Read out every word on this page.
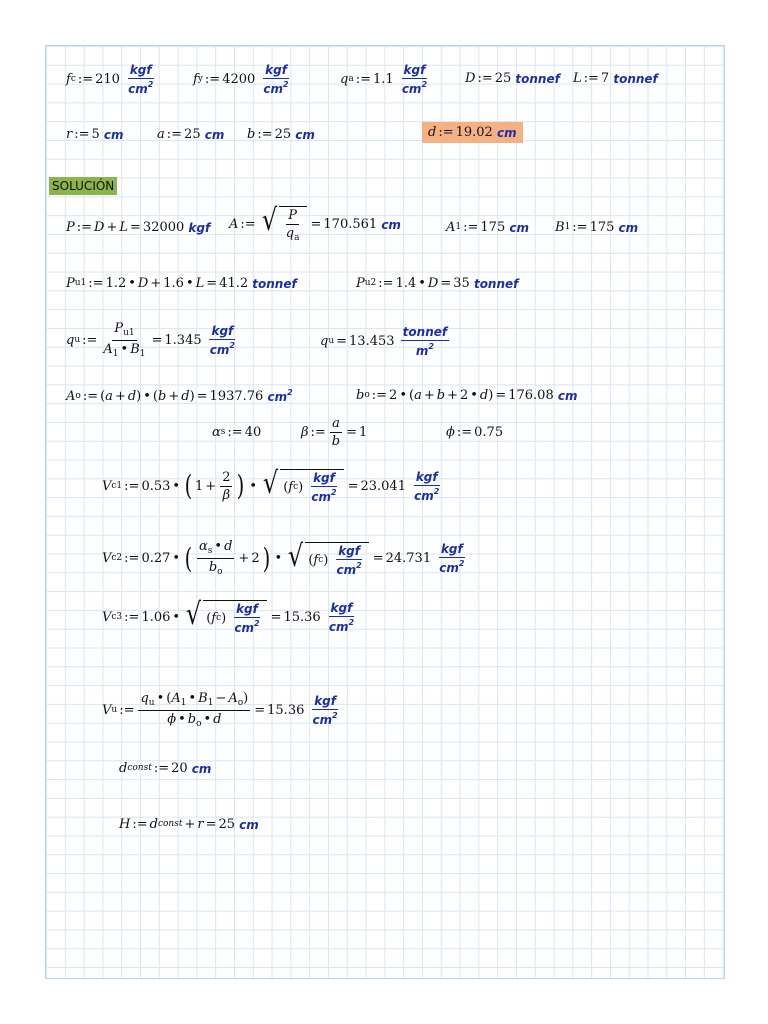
f c := 210
$\frac{\text{kgf}}{cm^2}$	f y := 4200
$\frac{\text{kgf}}{cm^2}$	q a := 1.1
$\frac{\text{kgf}}{cm^2}$	D := 25
tonnef L := 7
tonnef
r := 5
cm	a := 25
cm b := 25
cm	d := 19.02
cm
SOLUCIÓN
P := D + L = 32000
kgf A := √ $\frac{P}{q_a} = 170.561$
cm	A 1 := 175
cm B 1 := 175
cm
P u1 := 1.2 • D + 1.6 • L = 41.2
tonnef	P u2 := 1.4 • D = 35
tonnef
q u := $\frac{P_{u1}}{A_1 • B_1} = 1.345$
$\frac{\text{kgf}}{cm^2}$	q u = 13.453
$\frac{\text{tonnef}}{m^2}$
A o := ( a + d ) • ( b + d ) = 1937.76
$cm^2$	b o := 2 • ( a + b + 2 • d ) = 176.08
cm
α s := 40	β := $\frac{a}{b} = 1$	ϕ := 0.75
V c1 := 0.53 • ( $1 + \frac{2}{\beta}$ ) • √ ( f c ) $\frac{\text{kgf}}{cm^2} = 23.041$
$\frac{\text{kgf}}{cm^2}$
V c2 := 0.27 • ( $\frac{\alpha_s • d}{b_o} + 2$ ) • √ ( f c ) $\frac{\text{kgf}}{cm^2} = 24.731$
$\frac{\text{kgf}}{cm^2}$
V c3 := 1.06 • √ ( f c ) $\frac{\text{kgf}}{cm^2} = 15.36$
$\frac{\text{kgf}}{cm^2}$
V u := $\frac{q_u • (A_1 • B_1 - A_o)}{\phi • b_o • d} = 15.36$
$\frac{\text{kgf}}{cm^2}$
d const := 20
cm
H := d const + r = 25
cm
